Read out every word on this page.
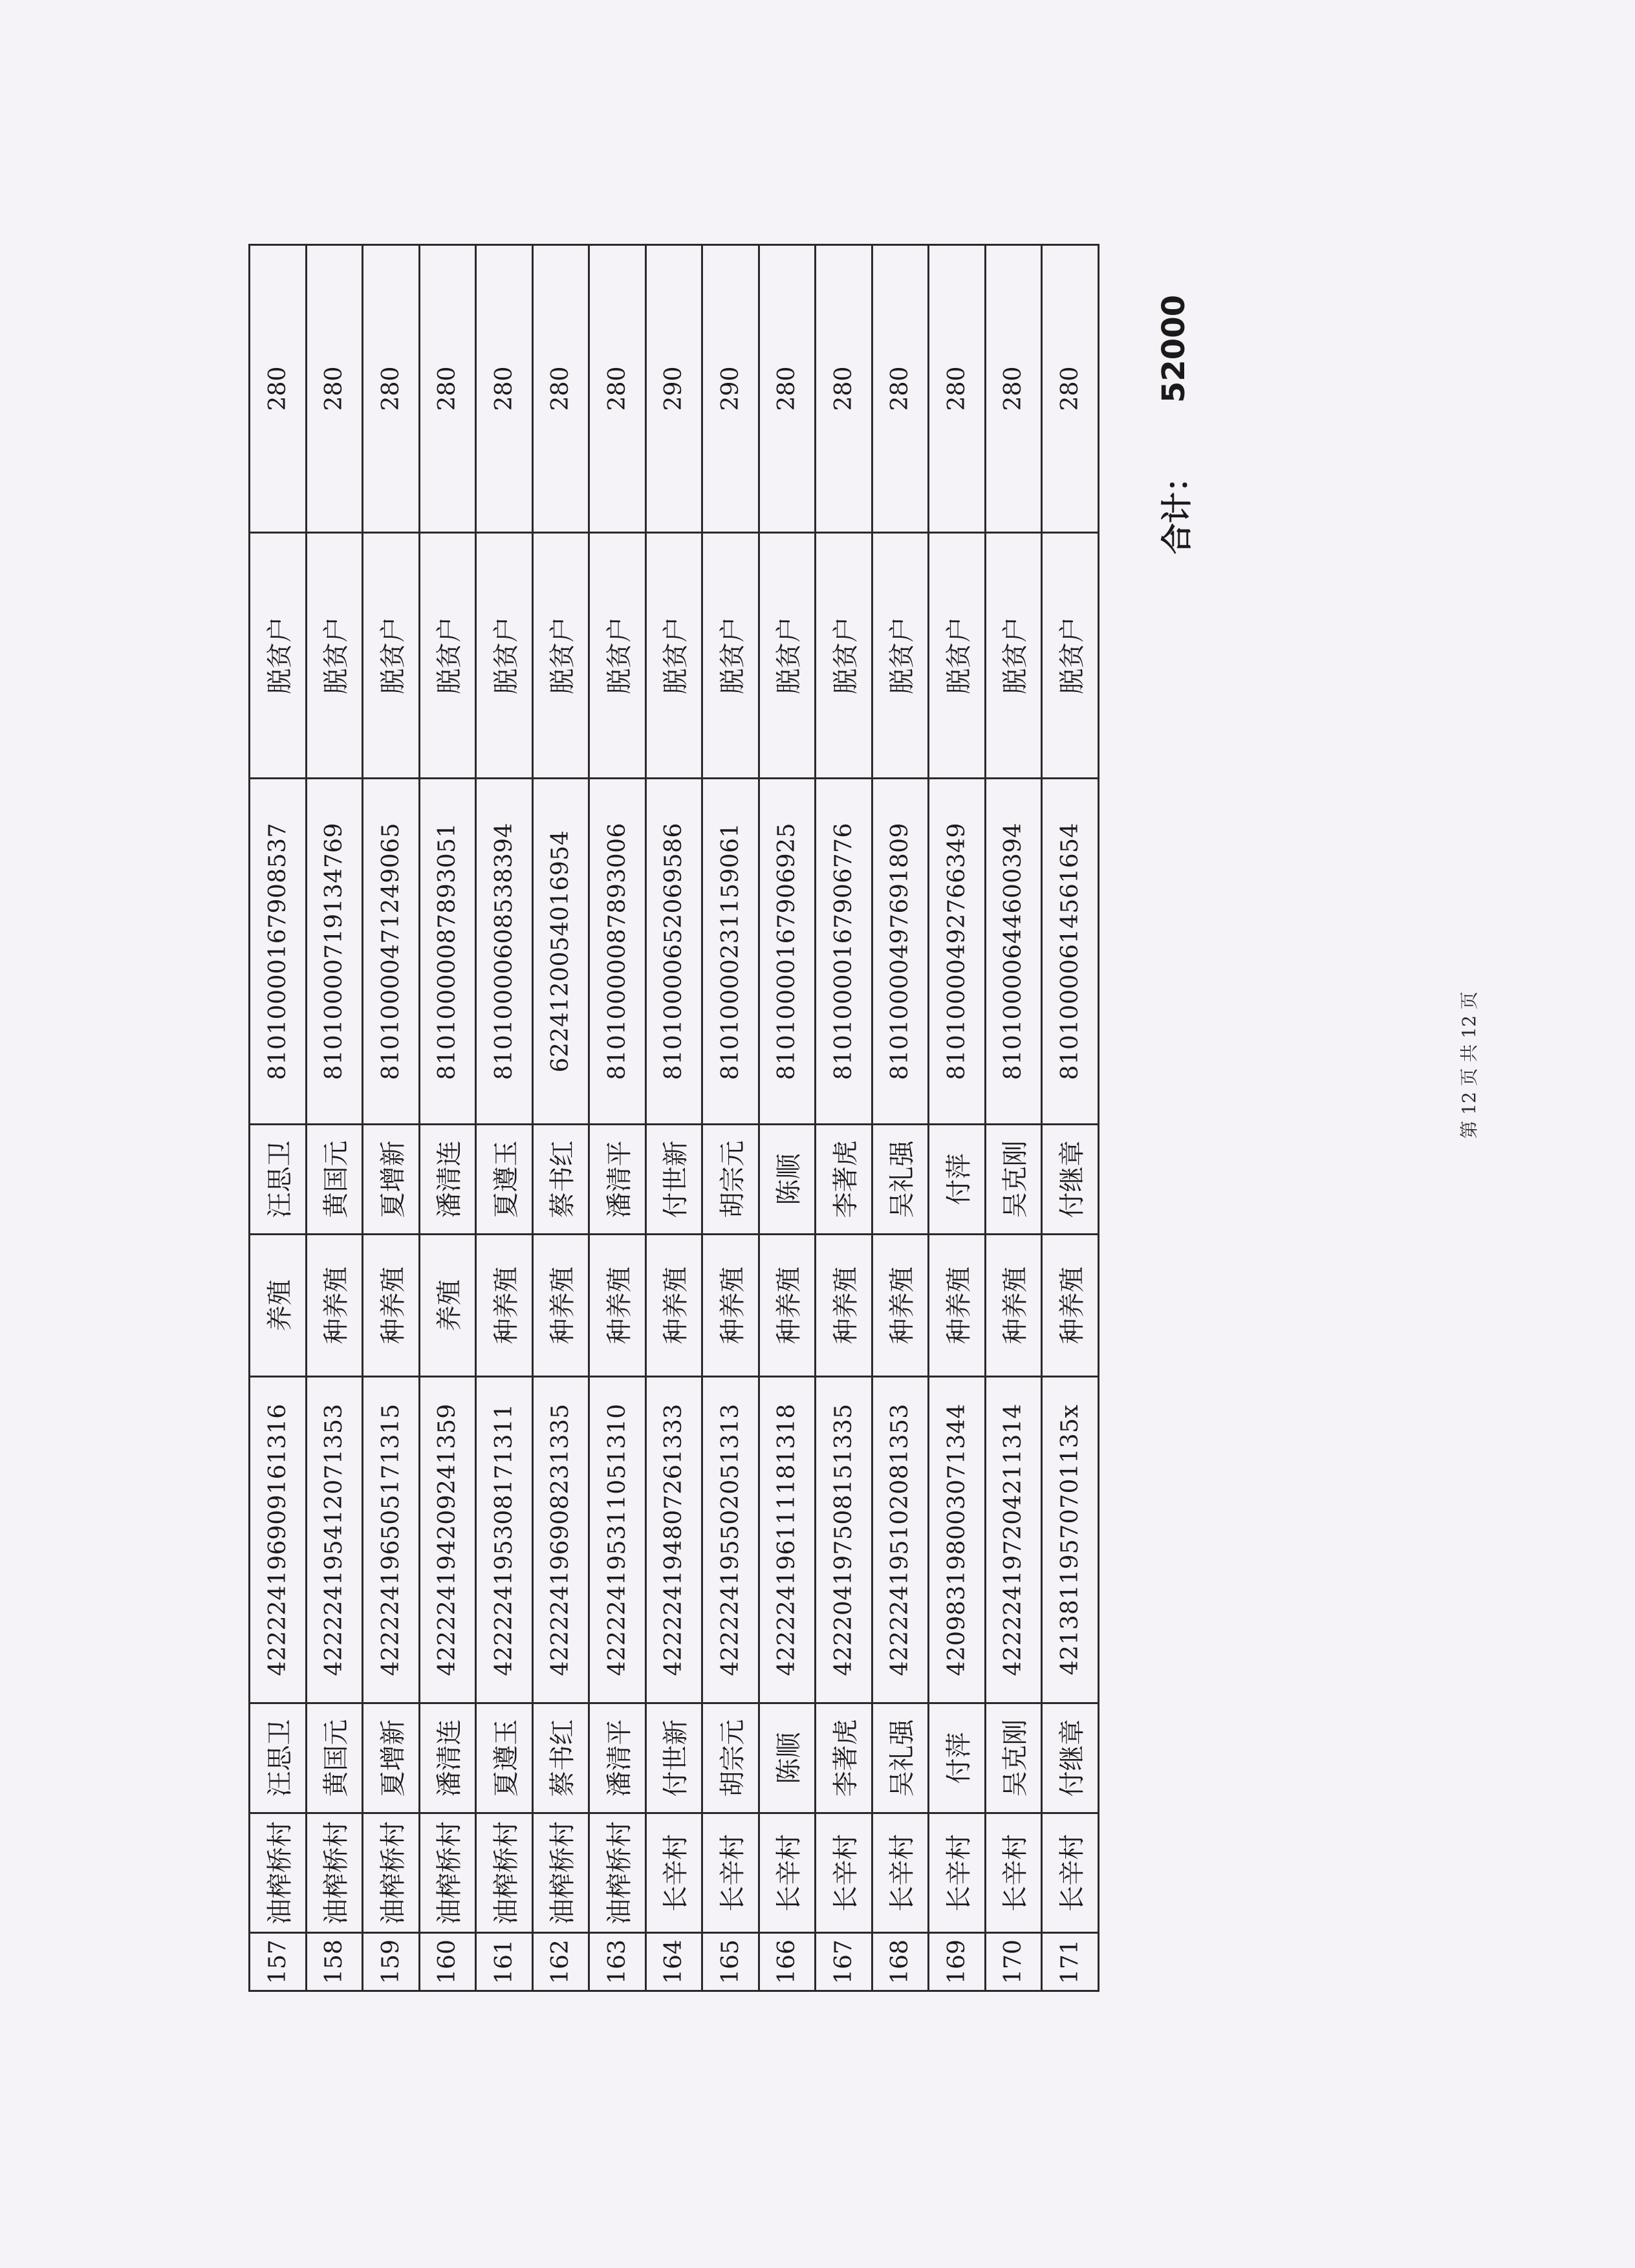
157	油榨桥村	汪思卫	422224196909161316	养殖	汪思卫	81010000167908537	脱贫户	280
158	油榨桥村	黄国元	422224195412071353	种养殖	黄国元	81010000719134769	脱贫户	280
159	油榨桥村	夏增新	422224196505171315	种养殖	夏增新	81010000471249065	脱贫户	280
160	油榨桥村	潘清连	422224194209241359	养殖	潘清连	81010000087893051	脱贫户	280
161	油榨桥村	夏遵玉	422224195308171311	种养殖	夏遵玉	81010000608538394	脱贫户	280
162	油榨桥村	蔡书红	422224196908231335	种养殖	蔡书红	6224120054016954	脱贫户	280
163	油榨桥村	潘清平	422224195311051310	种养殖	潘清平	81010000087893006	脱贫户	280
164	长辛村	付世新	422224194807261333	种养殖	付世新	81010000652069586	脱贫户	290
165	长辛村	胡宗元	422224195502051313	种养殖	胡宗元	81010000231159061	脱贫户	290
166	长辛村	陈顺	422224196111181318	种养殖	陈顺	81010000167906925	脱贫户	280
167	长辛村	李著虎	422204197508151335	种养殖	李著虎	81010000167906776	脱贫户	280
168	长辛村	吴礼强	422224195102081353	种养殖	吴礼强	81010000497691809	脱贫户	280
169	长辛村	付萍	420983198003071344	种养殖	付萍	81010000492766349	脱贫户	280
170	长辛村	吴克刚	422224197204211314	种养殖	吴克刚	81010000644600394	脱贫户	280
171	长辛村	付继章	42138119570701135x	种养殖	付继章	81010000614561654	脱贫户	280
合计：
52000
第 12 页 共 12 页
